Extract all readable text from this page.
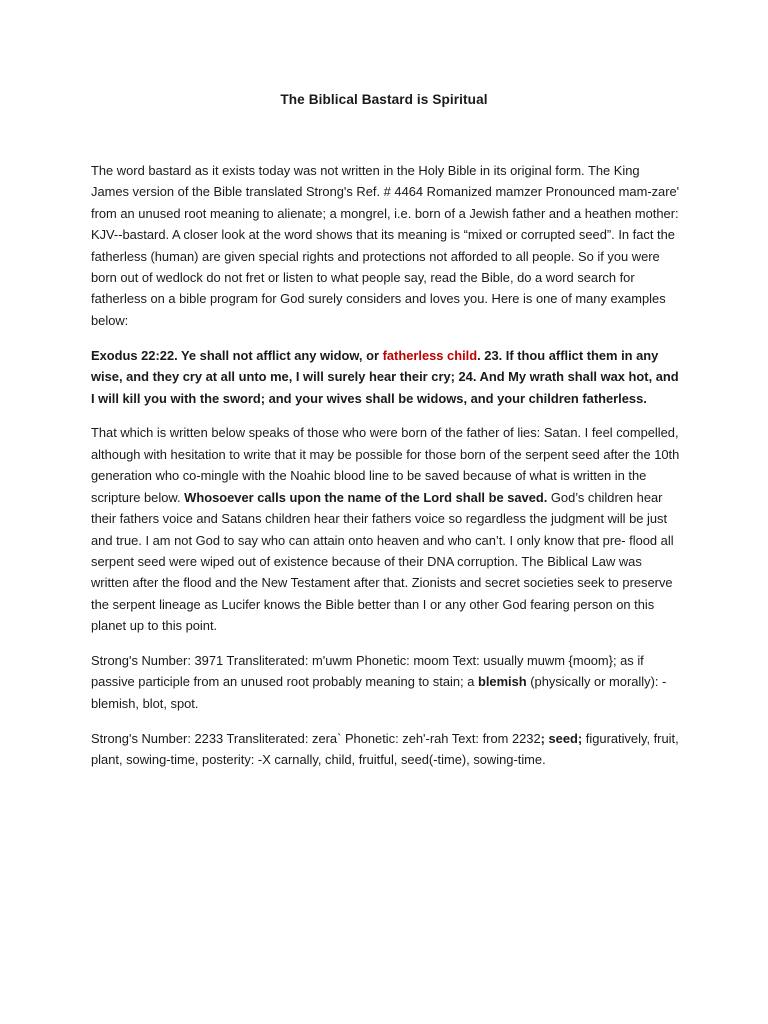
The Biblical Bastard is Spiritual

The word bastard as it exists today was not written in the Holy Bible in its original form. The King James version of the Bible translated Strong's Ref. # 4464 Romanized mamzer Pronounced mam-zare' from an unused root meaning to alienate; a mongrel, i.e. born of a Jewish father and a heathen mother: KJV--bastard. A closer look at the word shows that its meaning is “mixed or corrupted seed”. In fact the fatherless (human) are given special rights and protections not afforded to all people. So if you were born out of wedlock do not fret or listen to what people say, read the Bible, do a word search for fatherless on a bible program for God surely considers and loves you. Here is one of many examples below:

Exodus 22:22. Ye shall not afflict any widow, or fatherless child. 23. If thou afflict them in any wise, and they cry at all unto me, I will surely hear their cry; 24. And My wrath shall wax hot, and I will kill you with the sword; and your wives shall be widows, and your children fatherless.

That which is written below speaks of those who were born of the father of lies: Satan. I feel compelled, although with hesitation to write that it may be possible for those born of the serpent seed after the 10th generation who co-mingle with the Noahic blood line to be saved because of what is written in the scripture below. Whosoever calls upon the name of the Lord shall be saved. God’s children hear their fathers voice and Satans children hear their fathers voice so regardless the judgment will be just and true. I am not God to say who can attain onto heaven and who can’t. I only know that pre- flood all serpent seed were wiped out of existence because of their DNA corruption. The Biblical Law was written after the flood and the New Testament after that. Zionists and secret societies seek to preserve the serpent lineage as Lucifer knows the Bible better than I or any other God fearing person on this planet up to this point.

Strong's Number: 3971 Transliterated: m'uwm Phonetic: moom Text: usually muwm {moom}; as if passive participle from an unused root probably meaning to stain; a blemish (physically or morally): -blemish, blot, spot.

Strong's Number: 2233 Transliterated: zera` Phonetic: zeh'-rah Text: from 2232; seed; figuratively, fruit, plant, sowing-time, posterity: -X carnally, child, fruitful, seed(-time), sowing-time.
